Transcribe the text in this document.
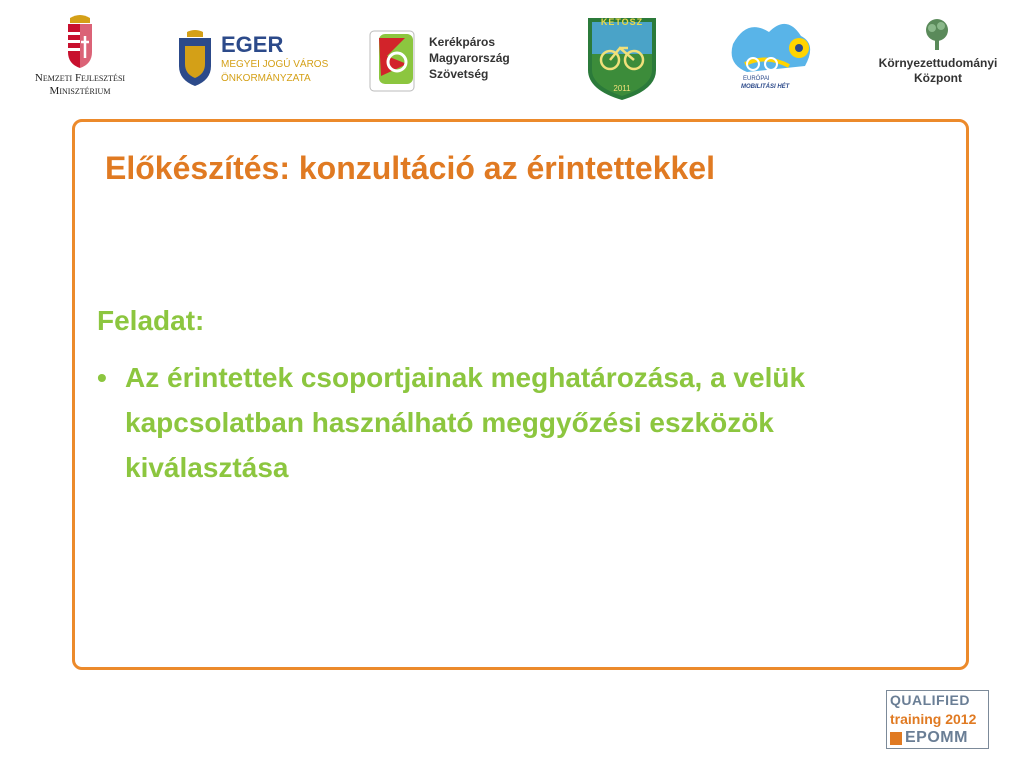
Nemzeti Fejlesztési
Minisztérium
EGER
MEGYEI JOGÚ VÁROS
ÖNKORMÁNYZATA
Kerékpáros
Magyarország
Szövetség
KETOSZ
2011
EURÓPAI
MOBILITÁSI HÉT
Környezettudományi
Központ
Előkészítés: konzultáció az érintettekkel
Feladat:
• Az érintettek csoportjainak meghatározása, a velük kapcsolatban használható meggyőzési eszközök kiválasztása
QUALIFIED
training 2012
EPOMM
